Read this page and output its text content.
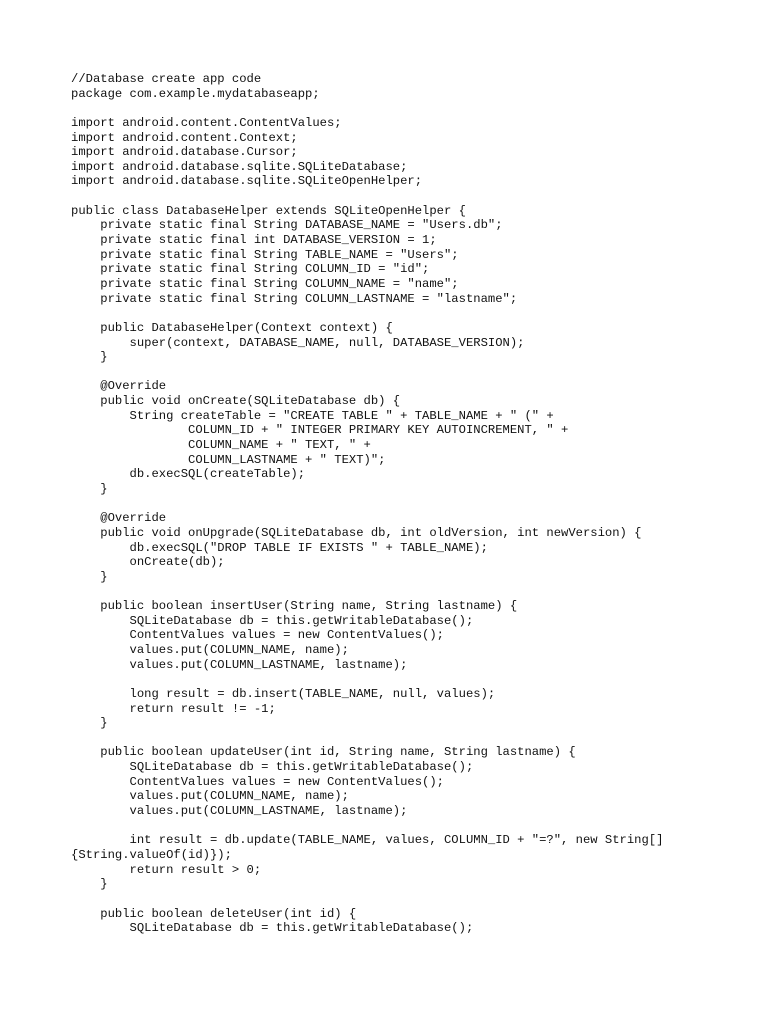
//Database create app code
package com.example.mydatabaseapp;
import android.content.ContentValues;
import android.content.Context;
import android.database.Cursor;
import android.database.sqlite.SQLiteDatabase;
import android.database.sqlite.SQLiteOpenHelper;
public class DatabaseHelper extends SQLiteOpenHelper {
private static final String DATABASE_NAME = "Users.db";
private static final int DATABASE_VERSION = 1;
private static final String TABLE_NAME = "Users";
private static final String COLUMN_ID = "id";
private static final String COLUMN_NAME = "name";
private static final String COLUMN_LASTNAME = "lastname";
public DatabaseHelper(Context context) {
super(context, DATABASE_NAME, null, DATABASE_VERSION);
}
@Override
public void onCreate(SQLiteDatabase db) {
String createTable = "CREATE TABLE " + TABLE_NAME + " (" +
COLUMN_ID + " INTEGER PRIMARY KEY AUTOINCREMENT, " +
COLUMN_NAME + " TEXT, " +
COLUMN_LASTNAME + " TEXT)";
db.execSQL(createTable);
}
@Override
public void onUpgrade(SQLiteDatabase db, int oldVersion, int newVersion) {
db.execSQL("DROP TABLE IF EXISTS " + TABLE_NAME);
onCreate(db);
}
public boolean insertUser(String name, String lastname) {
SQLiteDatabase db = this.getWritableDatabase();
ContentValues values = new ContentValues();
values.put(COLUMN_NAME, name);
values.put(COLUMN_LASTNAME, lastname);
long result = db.insert(TABLE_NAME, null, values);
return result != -1;
}
public boolean updateUser(int id, String name, String lastname) {
SQLiteDatabase db = this.getWritableDatabase();
ContentValues values = new ContentValues();
values.put(COLUMN_NAME, name);
values.put(COLUMN_LASTNAME, lastname);
int result = db.update(TABLE_NAME, values, COLUMN_ID + "=?", new String[]
{String.valueOf(id)});
return result > 0;
}
public boolean deleteUser(int id) {
SQLiteDatabase db = this.getWritableDatabase();
